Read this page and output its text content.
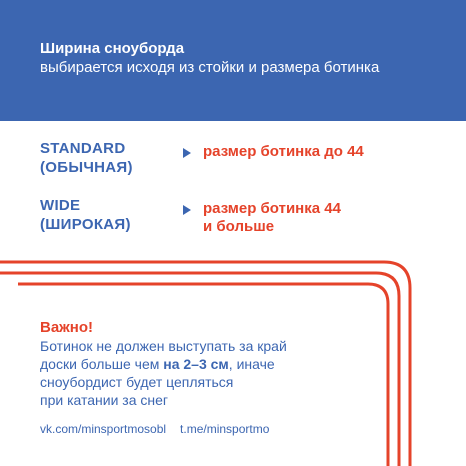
Ширина сноуборда
выбирается исходя из стойки и размера ботинка
STANDARD
(ОБЫЧНАЯ)
размер ботинка до 44
WIDE
(ШИРОКАЯ)
размер ботинка 44
и больше
Важно!
Ботинок не должен выступать за край
доски больше чем на 2–3 см, иначе
сноубордист будет цепляться
при катании за снег
vk.com/minsportmosobl t.me/minsportmo
